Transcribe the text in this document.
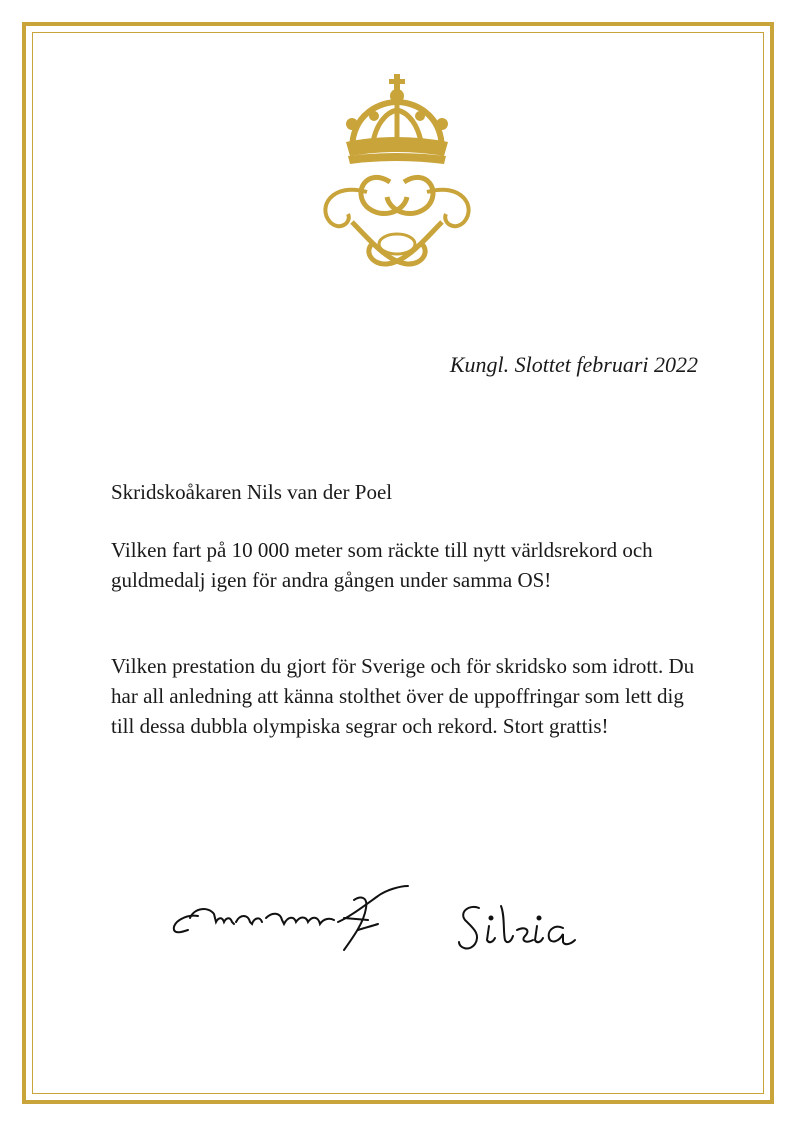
Kungl. Slottet februari 2022
Skridskoåkaren Nils van der Poel

Vilken fart på 10 000 meter som räckte till nytt världsrekord och guldmedalj igen för andra gången under samma OS!

Vilken prestation du gjort för Sverige och för skridsko som idrott. Du har all anledning att känna stolthet över de uppoffringar som lett dig till dessa dubbla olympiska segrar och rekord. Stort grattis!
